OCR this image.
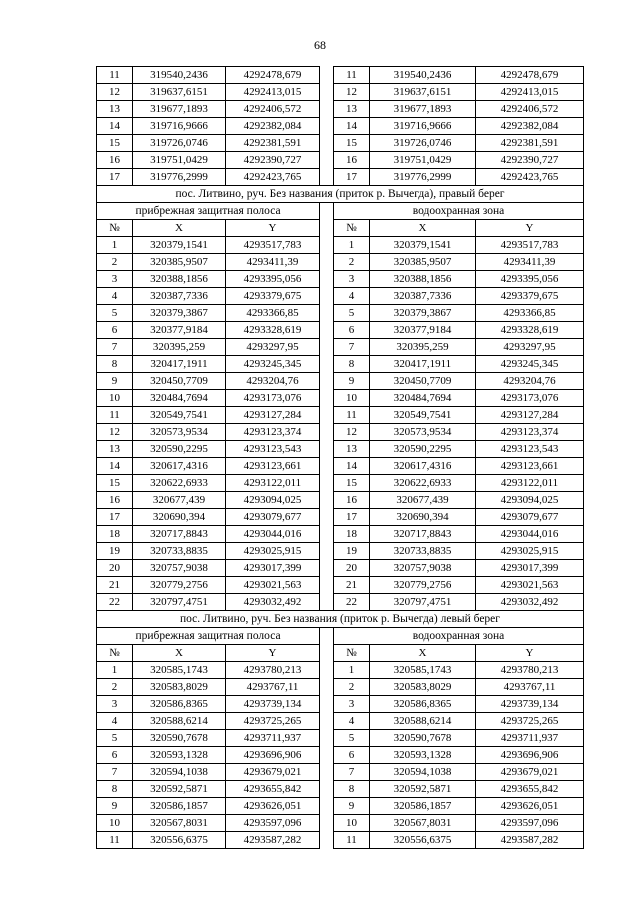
68
11	319540,2436	4292478,679		11	319540,2436	4292478,679
12	319637,6151	4292413,015		12	319637,6151	4292413,015
13	319677,1893	4292406,572		13	319677,1893	4292406,572
14	319716,9666	4292382,084		14	319716,9666	4292382,084
15	319726,0746	4292381,591		15	319726,0746	4292381,591
16	319751,0429	4292390,727		16	319751,0429	4292390,727
17	319776,2999	4292423,765		17	319776,2999	4292423,765
пос. Литвино, руч. Без названия (приток р. Вычегда), правый берег						
прибрежная защитная полоса				водоохранная зона		
№	X	Y		№	X	Y
1	320379,1541	4293517,783		1	320379,1541	4293517,783
2	320385,9507	4293411,39		2	320385,9507	4293411,39
3	320388,1856	4293395,056		3	320388,1856	4293395,056
4	320387,7336	4293379,675		4	320387,7336	4293379,675
5	320379,3867	4293366,85		5	320379,3867	4293366,85
6	320377,9184	4293328,619		6	320377,9184	4293328,619
7	320395,259	4293297,95		7	320395,259	4293297,95
8	320417,1911	4293245,345		8	320417,1911	4293245,345
9	320450,7709	4293204,76		9	320450,7709	4293204,76
10	320484,7694	4293173,076		10	320484,7694	4293173,076
11	320549,7541	4293127,284		11	320549,7541	4293127,284
12	320573,9534	4293123,374		12	320573,9534	4293123,374
13	320590,2295	4293123,543		13	320590,2295	4293123,543
14	320617,4316	4293123,661		14	320617,4316	4293123,661
15	320622,6933	4293122,011		15	320622,6933	4293122,011
16	320677,439	4293094,025		16	320677,439	4293094,025
17	320690,394	4293079,677		17	320690,394	4293079,677
18	320717,8843	4293044,016		18	320717,8843	4293044,016
19	320733,8835	4293025,915		19	320733,8835	4293025,915
20	320757,9038	4293017,399		20	320757,9038	4293017,399
21	320779,2756	4293021,563		21	320779,2756	4293021,563
22	320797,4751	4293032,492		22	320797,4751	4293032,492
пос. Литвино, руч. Без названия (приток р. Вычегда) левый берег						
прибрежная защитная полоса				водоохранная зона		
№	X	Y		№	X	Y
1	320585,1743	4293780,213		1	320585,1743	4293780,213
2	320583,8029	4293767,11		2	320583,8029	4293767,11
3	320586,8365	4293739,134		3	320586,8365	4293739,134
4	320588,6214	4293725,265		4	320588,6214	4293725,265
5	320590,7678	4293711,937		5	320590,7678	4293711,937
6	320593,1328	4293696,906		6	320593,1328	4293696,906
7	320594,1038	4293679,021		7	320594,1038	4293679,021
8	320592,5871	4293655,842		8	320592,5871	4293655,842
9	320586,1857	4293626,051		9	320586,1857	4293626,051
10	320567,8031	4293597,096		10	320567,8031	4293597,096
11	320556,6375	4293587,282		11	320556,6375	4293587,282
